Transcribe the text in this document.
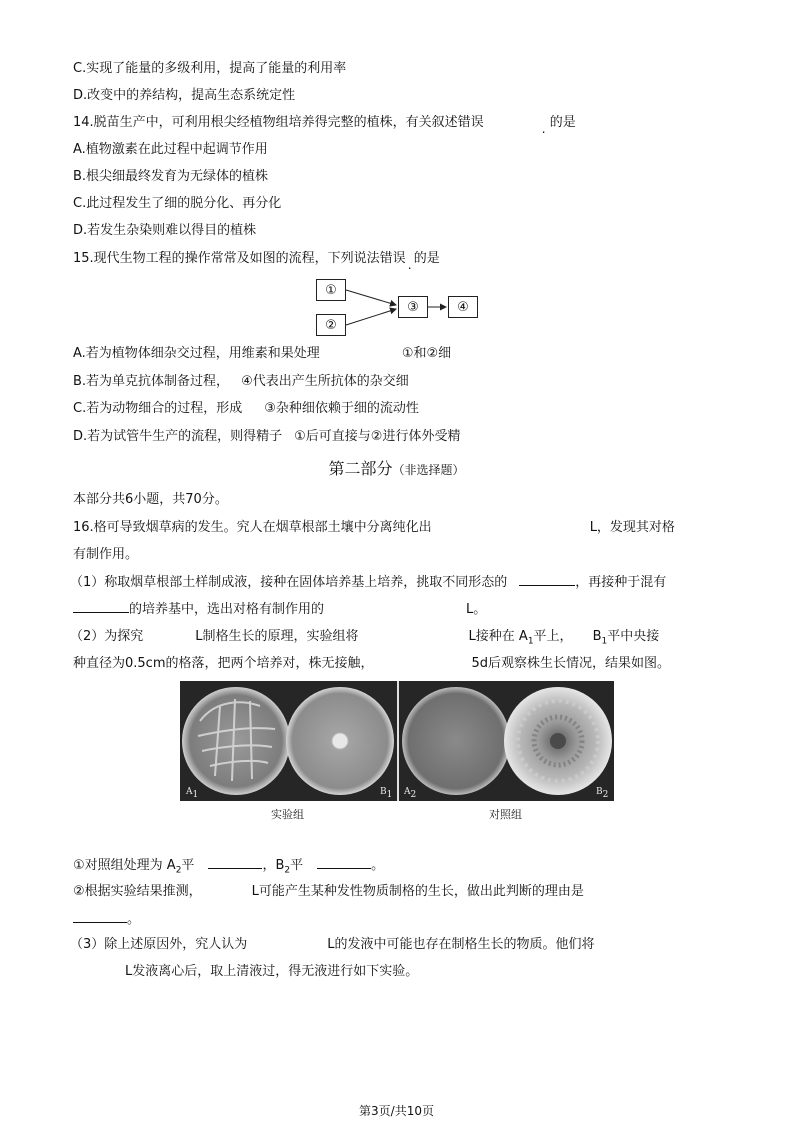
C.实现了能量的多级利用，提高了能量的利用率
D.改变中的养结构，提高生态系统定性
14.脱苗生产中，可利用根尖经植物组培养得完整的植株，有关叙述错误	的是
A.植物激素在此过程中起调节作用
B.根尖细最终发育为无绿体的植株
C.此过程发生了细的脱分化、再分化
D.若发生杂染则难以得目的植株
15.现代生物工程的操作常常及如图的流程，下列说法错误 的是
①
②
③	④
A.若为植物体细杂交过程，用维素和果处理	①和②细
B.若为单克抗体制备过程， ④代表出产生所抗体的杂交细
C.若为动物细合的过程，形成 ③杂种细依赖于细的流动性
D.若为试管牛生产的流程，则得精子 ①后可直接与②进行体外受精
第二部分（非选择题）
本部分共6小题，共70分。
16.格可导致烟草病的发生。究人在烟草根部土壤中分离纯化出	L，发现其对格
有制作用。
（1）称取烟草根部土样制成液，接种在固体培养基上培养，挑取不同形态的	，再接种于混有
的培养基中，选出对格有制作用的	L。
（2）为探究	L制格生长的原理，实验组将	L接种在 $A_1$平上， $B_1$平中央接
种直径为0.5cm的格落，把两个培养对，株无接触，	5d后观察株生长情况，结果如图。
$A_1$	$B_1$ $A_2$	$B_2$
实验组	对照组
①对照组处理为 $A_2$平	，$B_2$平	。
②根据实验结果推测，	L可能产生某种发性物质制格的生长，做出此判断的理由是
。
（3）除上述原因外，究人认为	L的发液中可能也存在制格生长的物质。他们将
L发液离心后，取上清液过，得无液进行如下实验。
第3页/共10页
